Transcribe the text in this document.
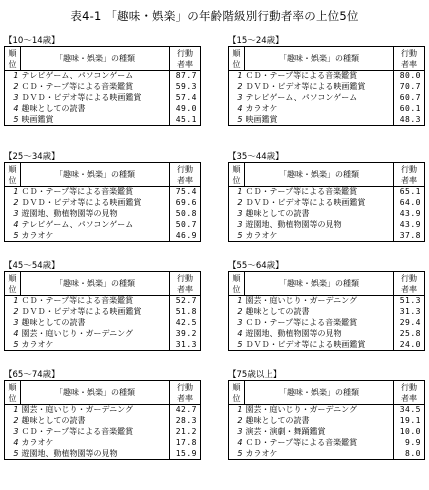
表4-1 「趣味・娯楽」の年齢階級別行動者率の上位5位
【10～14歳】
順
位	「趣味・娯楽」の種類	行動
者率
1	テレビゲーム、パソコンゲーム	87.7
2	ＣＤ・テープ等による音楽鑑賞	59.3
3	ＤＶＤ・ビデオ等による映画鑑賞	57.4
4	趣味としての読書	49.0
5	映画鑑賞	45.1
【15～24歳】
順
位	「趣味・娯楽」の種類	行動
者率
1	ＣＤ・テープ等による音楽鑑賞	80.0
2	ＤＶＤ・ビデオ等による映画鑑賞	70.7
3	テレビゲーム、パソコンゲーム	60.7
4	カラオケ	60.1
5	映画鑑賞	48.3
【25～34歳】
順
位	「趣味・娯楽」の種類	行動
者率
1	ＣＤ・テープ等による音楽鑑賞	75.4
2	ＤＶＤ・ビデオ等による映画鑑賞	69.6
3	遊園地、動植物園等の見物	50.8
4	テレビゲーム、パソコンゲーム	50.7
5	カラオケ	46.9
【35～44歳】
順
位	「趣味・娯楽」の種類	行動
者率
1	ＣＤ・テープ等による音楽鑑賞	65.1
2	ＤＶＤ・ビデオ等による映画鑑賞	64.0
3	趣味としての読書	43.9
3	遊園地、動植物園等の見物	43.9
5	カラオケ	37.8
【45～54歳】
順
位	「趣味・娯楽」の種類	行動
者率
1	ＣＤ・テープ等による音楽鑑賞	52.7
2	ＤＶＤ・ビデオ等による映画鑑賞	51.8
3	趣味としての読書	42.5
4	園芸・庭いじり・ガーデニング	39.2
5	カラオケ	31.3
【55～64歳】
順
位	「趣味・娯楽」の種類	行動
者率
1	園芸・庭いじり・ガーデニング	51.3
2	趣味としての読書	31.3
3	ＣＤ・テープ等による音楽鑑賞	29.4
4	遊園地、動植物園等の見物	25.8
5	ＤＶＤ・ビデオ等による映画鑑賞	24.0
【65～74歳】
順
位	「趣味・娯楽」の種類	行動
者率
1	園芸・庭いじり・ガーデニング	42.7
2	趣味としての読書	28.3
3	ＣＤ・テープ等による音楽鑑賞	21.2
4	カラオケ	17.8
5	遊園地、動植物園等の見物	15.9
【75歳以上】
順
位	「趣味・娯楽」の種類	行動
者率
1	園芸・庭いじり・ガーデニング	34.5
2	趣味としての読書	19.1
3	演芸・演劇・舞踊鑑賞	10.0
4	ＣＤ・テープ等による音楽鑑賞	9.9
5	カラオケ	8.0
